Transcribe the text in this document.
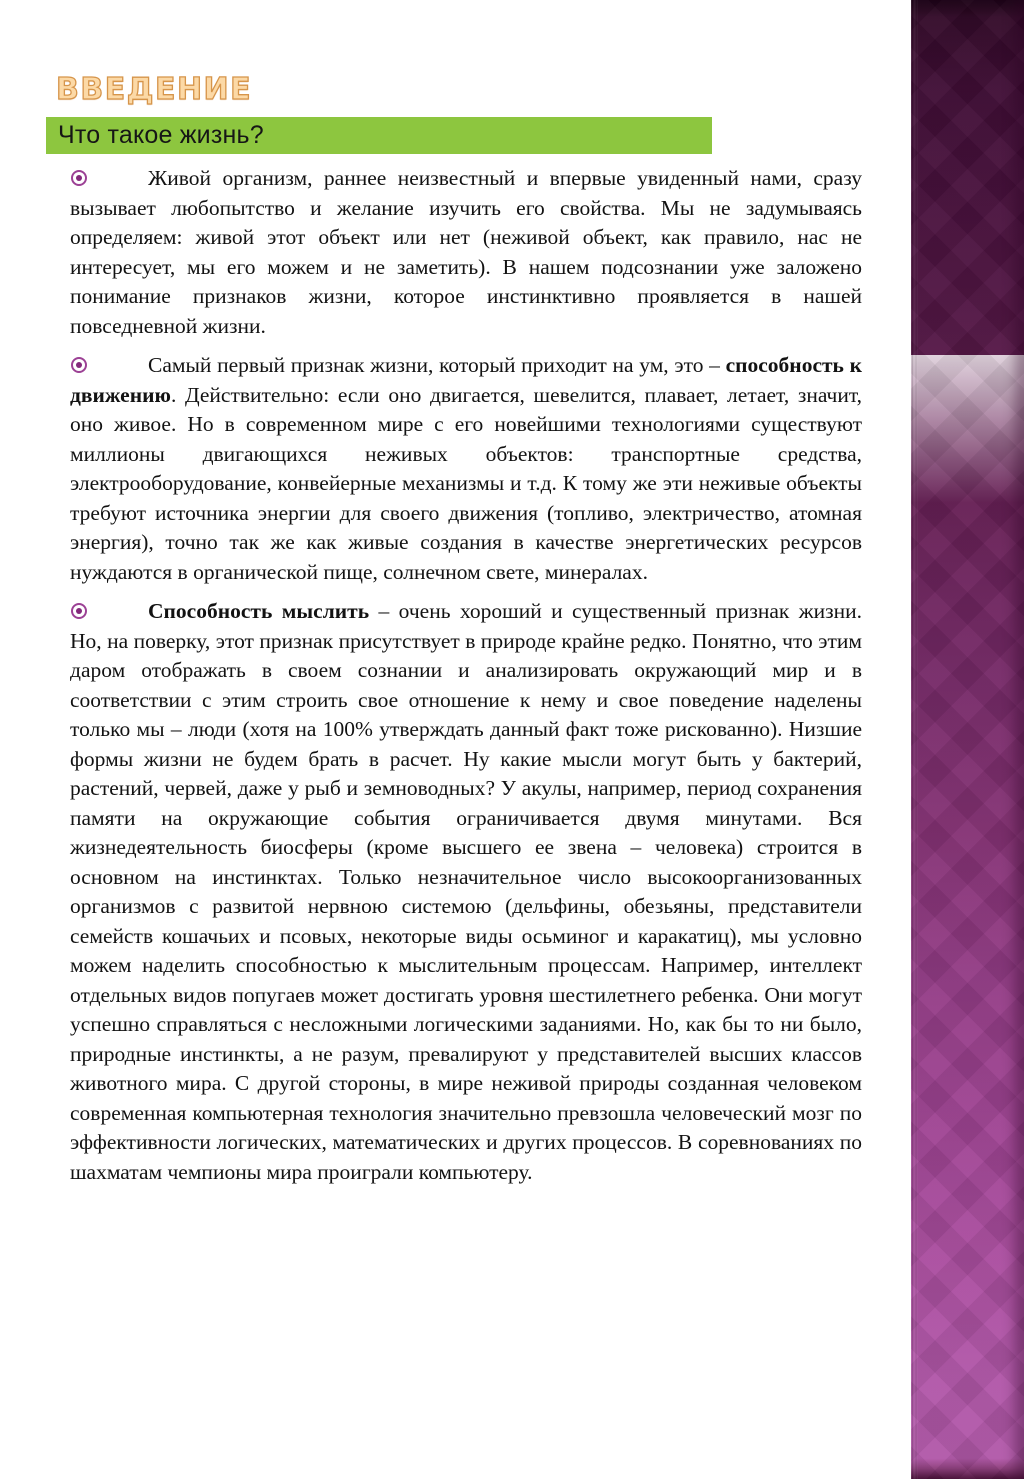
ВВЕДЕНИЕ
Что такое жизнь?

Живой организм, раннее неизвестный и впервые увиденный нами, сразу вызывает любопытство и желание изучить его свойства. Мы не задумываясь определяем: живой этот объект или нет (неживой объект, как правило, нас не интересует, мы его можем и не заметить). В нашем подсознании уже заложено понимание признаков жизни, которое инстинктивно проявляется в нашей повседневной жизни.

Самый первый признак жизни, который приходит на ум, это – способность к движению. Действительно: если оно двигается, шевелится, плавает, летает, значит, оно живое. Но в современном мире с его новейшими технологиями существуют миллионы двигающихся неживых объектов: транспортные средства, электрооборудование, конвейерные механизмы и т.д. К тому же эти неживые объекты требуют источника энергии для своего движения (топливо, электричество, атомная энергия), точно так же как живые создания в качестве энергетических ресурсов нуждаются в органической пище, солнечном свете, минералах.

Способность мыслить – очень хороший и существенный признак жизни. Но, на поверку, этот признак присутствует в природе крайне редко. Понятно, что этим даром отображать в своем сознании и анализировать окружающий мир и в соответствии с этим строить свое отношение к нему и свое поведение наделены только мы – люди (хотя на 100% утверждать данный факт тоже рискованно). Низшие формы жизни не будем брать в расчет. Ну какие мысли могут быть у бактерий, растений, червей, даже у рыб и земноводных? У акулы, например, период сохранения памяти на окружающие события ограничивается двумя минутами. Вся жизнедеятельность биосферы (кроме высшего ее звена – человека) строится в основном на инстинктах. Только незначительное число высокоорганизованных организмов с развитой нервною системою (дельфины, обезьяны, представители семейств кошачьих и псовых, некоторые виды осьминог и каракатиц), мы условно можем наделить способностью к мыслительным процессам. Например, интеллект отдельных видов попугаев может достигать уровня шестилетнего ребенка. Они могут успешно справляться с несложными логическими заданиями. Но, как бы то ни было, природные инстинкты, а не разум, превалируют у представителей высших классов животного мира. С другой стороны, в мире неживой природы созданная человеком современная компьютерная технология значительно превзошла человеческий мозг по эффективности логических, математических и других процессов. В соревнованиях по шахматам чемпионы мира проиграли компьютеру.
